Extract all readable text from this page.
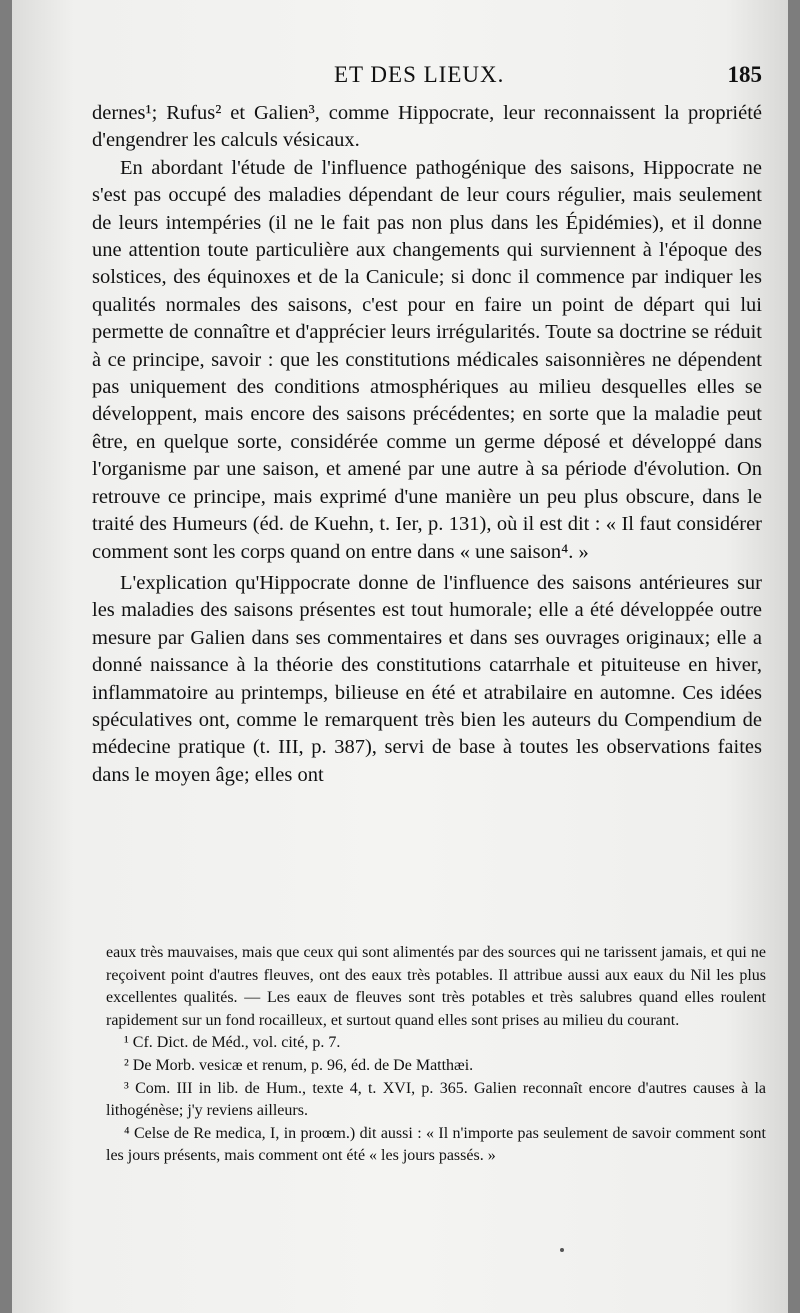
ET DES LIEUX.	185

dernes¹; Rufus² et Galien³, comme Hippocrate, leur reconnaissent la propriété d'engendrer les calculs vésicaux.

En abordant l'étude de l'influence pathogénique des saisons, Hippocrate ne s'est pas occupé des maladies dépendant de leur cours régulier, mais seulement de leurs intempéries (il ne le fait pas non plus dans les Épidémies), et il donne une attention toute particulière aux changements qui surviennent à l'époque des solstices, des équinoxes et de la Canicule; si donc il commence par indiquer les qualités normales des saisons, c'est pour en faire un point de départ qui lui permette de connaître et d'apprécier leurs irrégularités. Toute sa doctrine se réduit à ce principe, savoir : que les constitutions médicales saisonnières ne dépendent pas uniquement des conditions atmosphériques au milieu desquelles elles se développent, mais encore des saisons précédentes; en sorte que la maladie peut être, en quelque sorte, considérée comme un germe déposé et développé dans l'organisme par une saison, et amené par une autre à sa période d'évolution. On retrouve ce principe, mais exprimé d'une manière un peu plus obscure, dans le traité des Humeurs (éd. de Kuehn, t. Ier, p. 131), où il est dit : « Il faut considérer comment sont les corps quand on entre dans « une saison⁴. »

L'explication qu'Hippocrate donne de l'influence des saisons antérieures sur les maladies des saisons présentes est tout humorale; elle a été développée outre mesure par Galien dans ses commentaires et dans ses ouvrages originaux; elle a donné naissance à la théorie des constitutions catarrhale et pituiteuse en hiver, inflammatoire au printemps, bilieuse en été et atrabilaire en automne. Ces idées spéculatives ont, comme le remarquent très bien les auteurs du Compendium de médecine pratique (t. III, p. 387), servi de base à toutes les observations faites dans le moyen âge; elles ont

eaux très mauvaises, mais que ceux qui sont alimentés par des sources qui ne tarissent jamais, et qui ne reçoivent point d'autres fleuves, ont des eaux très potables. Il attribue aussi aux eaux du Nil les plus excellentes qualités. — Les eaux de fleuves sont très potables et très salubres quand elles roulent rapidement sur un fond rocailleux, et surtout quand elles sont prises au milieu du courant.

¹ Cf. Dict. de Méd., vol. cité, p. 7.

² De Morb. vesicæ et renum, p. 96, éd. de De Matthæi.

³ Com. III in lib. de Hum., texte 4, t. XVI, p. 365. Galien reconnaît encore d'autres causes à la lithogénèse; j'y reviens ailleurs.

⁴ Celse de Re medica, I, in proœm.) dit aussi : « Il n'importe pas seulement de savoir comment sont les jours présents, mais comment ont été « les jours passés. »
